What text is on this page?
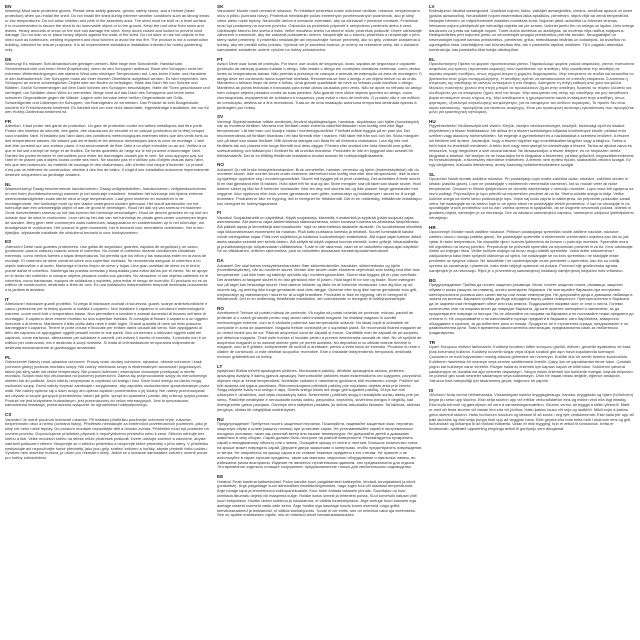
EN

Warning! Must wear protective gloves. Please wear safety glasses, gloves, safety shoes, and a helmet (head protection) when you install the shed. Do not install the shed during extreme weather conditions such as strong winds or low temperatures. Do not allow children and pets in the assembly area. The shed must be built on a level surface. It is recommended to secure the shed to an immovable object or to the ground. Keep the roof clear from snow and leaves. Heavy amounts of snow on the roof can damage the shed. Keep doors closed and locked to prevent wind damage. Do not lean on or place heavy objects against the walls of the shed. Do not store or use hot objects in the shed such as barbecues, welding equipment and blow torches to avoid the risk fire. The product is not a construction building, intended for leisure purposes. It is an impermanent standalone installation intended for hobby gardening only.

DE

Warnung! Es müssen Schutzhandschuhe getragen werden. Bitte trage eine Schutzbrille, Handschuhe, Sicherheitsschuhe und einen Helm (Kopfschutz), wenn du den Schuppen aufbaust. Baue den Schuppen nicht bei extremen Wetterbedingungen wie starkem Wind oder niedrigen Temperaturen auf. Lass keine Kinder und Haustiere in den Aufbaubereich. Der Schuppen muss auf einer ebenen Oberfläche aufgebaut werden. Es wird empfohlen, den Schuppen an einem unbeweglichen Objekt oder am Boden zu befestigen. Halte das Dach frei von Schnee und Blättern. Große Schneemengen auf dem Dach können den Schuppen beschädigen. Halte die Türen geschlossen und verriegelt, um Schäden durch Wind zu vermeiden. Neige nicht auf das Dach des Schuppens und lehne keine schweren Gegenstände gegen die Wände. Lagere oder benutze keine heißen Gegenstände wie Grills, Schweißgeräte und Lötlampen im Schuppen, um Brandgefahr zu vermeiden. Das Produkt ist kein Baugebäude, sondern für Freizeitzwecke bestimmt. Es handelt sich um eine nicht dauerhafte, eigenständige Installation, die nur für den Hobby-Gartenbau bestimmt ist.

FR

Attention, il faut porter des gants de protection. Un gant de protection contre les arêtes métalliques doit être porté. Portez des lunettes de sécurité, des gants, des chaussures de sécurité et un casque (protection de la tête) lorsque vous installez l'abri. N'installez pas l'abri dans des conditions météorologiques extrêmes telles que des vents forts ou des températures basses. Ne laissez pas les enfants et les animaux domestiques dans la zone de montage. L'abri doit être construit sur une surface plane. Il est recommandé de fixer l'abri à un objet immobile ou au sol. Veillez à ce que le toit soit exempt de neige et de feuilles. De fortes quantités de neige sur le toit peuvent endommager l'abri. Gardez les portes fermées et verrouillées pour éviter les dommages causés par le vent. Ne vous appuyez pas sur l'abri et ne placez pas d'objets lourds contre ses murs. Ne stockez pas et n'utilisez pas d'objets chauds dans l'abri, tels que des barbecues, du matériel de soudage et des chalumeaux, afin d'éviter tout risque d'incendie. Le produit n'est pas un bâtiment de construction, destiné à des fins de loisirs. Il s'agit d'une installation autonome impermanente destinée uniquement au jardinage amateur.

NL

Waarschuwing! Draag beschermende handschoenen. Draag veiligheidsbrillen, handschoenen, veiligheidsschoenen en een helm (hoofdbescherming) wanneer je het tuinhuisje installeert. Installeer het tuinhuisje niet tijdens extreme weersomstandigheden zoals sterke wind of lage temperaturen. Laat geen kinderen en huisdieren in de montageruimte. Het tuinhuisje moet op een vlakke ondergrond worden gebouwd. Het wordt aanbevolen om het tuinhuisje aan een onbeweeglijk object of aan de grond te bevestigen. Houd het dak vrij van sneeuw en bladeren. Grote hoeveelheden sneeuw op het dak kunnen het tuinhuisje beschadigen. Houd de deuren gesloten en op slot om schade door de wind te voorkomen. Leun niet op het dak van het tuinhuisje en plaats geen zware voorwerpen tegen de wanden. Berg geen hete voorwerpen zoals barbecues, lasapparatuur en soldeerbouten op in het tuinhuisje, om brandgevaar te voorkomen. Het product is geen bouwwerk, het is bedoeld voor recreatieve doeleinden. Het is een tijdelijke, vrijstaande installatie die uitsluitend bedoeld is voor hobbytuinieren.

ES

¡Atención! Debe usar guantes protectores. Use gafas de seguridad, guantes, zapatos de seguridad y un casco (protección para la cabeza) cuando monte el cobertizo. No monte el cobertizo durante condiciones climáticas extremas, como vientos fuertes o bajas temperaturas. No permita que los niños y las mascotas estén en la zona de montaje. El cobertizo se debe construir sobre una superficie nivelada. Se recomienda asegurar el cobertizo a un objeto inamovible o al suelo. Mantenga el techo limpio de nieve y hojas. Una gran cantidad de nieve en el techo puede dañar el cobertizo. Mantenga las puertas cerradas y bloqueadas para evitar daños por el viento. No se apoye en el techo del cobertizo ni coloque objetos pesados contra sus paredes. No almacene ni use objetos calientes en el cobertizo, como barbacoas, equipos de soldadura y sopletes, para evitar el riesgo de incendio. El producto no es un edificio de construcción, destinado a fines de ocio. Es una instalación independiente temporal destinada únicamente a la jardinería amateur.

IT

Attenzione! Indossare guanti protettivi. Si prega di indossare occhiali di sicurezza, guanti, scarpe antinfortunistiche e casco (protezione per la testa) quando si installa il capanno. Non installare il capanno in condizioni meteorologiche estreme, come venti forti o temperature basse. Non permettere a bambini e animali domestici di trovarsi nell'area di montaggio. Il capanno deve essere montato su una superficie livellata. Si consiglia di fissare il capanno a un oggetto immobile o al terreno. Mantenere il tetto pulito dalla neve e dalle foglie. Grandi quantità di neve sul tetto possono danneggiare il capanno. Tenere le porte chiuse e bloccate per evitare danni causati dal vento. Non appoggiarsi al tetto del capanno né appoggiare oggetti pesanti contro le sue pareti. Non conservare o utilizzare oggetti caldi nel capanno, come barbecue, attrezzature per saldatura e cannelli, per evitare il rischio di incendio. Il prodotto non è un edificio per costruzioni, ma è destinato a scopi ricreativi. Si tratta di un'installazione temporanea indipendente destinata esclusivamente al giardinaggio amatoriale.

PL

Ostrzeżenie! Należy nosić rękawice ochronne. Proszę nosić okulary ochronne, rękawice, obuwie ochronne i kask (ochrona głowy) podczas montażu szopy. Nie należy montować szopy w ekstremalnych warunkach pogodowych, takich jak silny wiatr lub niskie temperatury. Nie pozwól dzieciom i zwierzętom domowym przebywać w strefie montażu. Szopa musi być zbudowana na poziomej powierzchni. Zaleca się przymocowanie szopy do nieruchomego obiektu lub do podłoża. Dach należy utrzymywać w czystości od śniegu i liści. Duże ilości śniegu na dachu mogą uszkodzić szopę. Drzwi należy trzymać zamknięte i zaryglowane, aby zapobiec uszkodzeniom spowodowanym przez wiatr. Nie należy opierać się o dach szopy ani opierać ciężkich przedmiotów o jej ściany. Nie należy przechowywać ani używać w szopie gorących przedmiotów, takich jak grille, sprzęt do spawania i palniki, aby uniknąć ryzyka pożaru. Produkt nie jest budynkiem budowlanym, jest przeznaczony do celów rekreacyjnych. Jest to tymczasowa, samodzielna instalacja, przeznaczona wyłącznie do ogrodnictwa hobbystycznego.

CS

Varování! Je nutné používat ochranné rukavice. Při instalaci přístřešku používejte ochranné brýle, rukavice, bezpečnostní obuv a helmu (ochrana hlavy). Přístřešek neinstalujte za extrémních povětrnostních podmínek, jako je silný vítr nebo nízké teploty. Do prostoru montáže nepouštějte děti a domácí zvířata. Přístřešek musí být postaven na rovném povrchu. Doporučujeme přístřešek připevnit k nepohyblivému předmětu nebo k zemi. Střechu udržujte bez sněhu a listí. Velké množství sněhu na střeše může přístřešek poškodit. Dveře udržujte zavřené a zamčené, abyste zabránili poškození větrem. Neopírejte se o střechu přístřešku a neopírejte těžké předměty o jeho stěny. V přístřešku neskladujte ani nepoužívejte horké předměty, jako jsou grily, svářecí zařízení a hořáky, abyste předešli riziku požáru. Výrobek není stavební budova, je určen pro rekreační účely. Jedná se o dočasné samostatné zařízení určené pouze pro hobby zahradničení.

SK

Varovanie! Musíte nosiť ochranné rukavice. Pri inštalácii prístrešku noste ochranné okuliare, rukavice, bezpečnostnú obuv a prilbu (ochrana hlavy). Prístrešok neinštalujte počas extrémnych poveternostných podmienok, ako je silný vietor alebo nízke teploty. Nedovoľte deťom a domácim zvieratám, aby sa zdržiavali v priestore montáže. Prístrešok musí byť postavený na rovnom povrchu. Odporúča sa prístrešok pripevniť k nehybnému predmetu alebo k zemi. Udržiavajte strechu bez snehu a lístia. Veľké množstvo snehu na streche môže prístrešok poškodiť. Dvere udržiavajte zatvorené a zamknuté, aby ste zabránili poškodeniu vetrom. Neopierajte sa o strechu prístrešku a neopierajte o jeho steny ťažké predmety. V prístrešku neskladujte ani nepoužívajte horúce predmety, ako sú grily, zváracie zariadenia a horáky, aby ste predišli riziku požiaru. Výrobok nie je stavebná budova, je určený na rekreačné účely. Ide o dočasné samostatné zariadenie určené výlučne na hobby záhradníctvo.

PT

Aviso! Deve usar luvas de proteção. Por favor, use óculos de segurança, luvas, sapatos de segurança e capacete (proteção da cabeça) quando instalar o abrigo. Não instale o abrigo em condições climáticas extremas, como ventos fortes ou temperaturas baixas. Não permita a presença de crianças e animais de estimação na área de montagem. O abrigo deve ser construído numa superfície nivelada. Recomenda-se fixar o abrigo a um objeto imóvel ou ao chão. Mantenha o telhado limpo de neve e folhas. Uma grande quantidade de neve no telhado pode danificar o abrigo. Mantenha as portas fechadas e trancadas para evitar danos causados pelo vento. Não se apoie no telhado do abrigo nem coloque objetos pesados contra as suas paredes. Não guarde nem utilize objetos quentes no abrigo, como churrasqueiras, equipamento de soldadura e maçaricos, para evitar o risco de incêndio. O produto não é um edifício de construção, destina-se a fins recreativos. Trata-se de uma instalação autónoma temporária destinada apenas à jardinagem por hobby.

SV

Varning! Skyddshandskar måste användas. Använd skyddsglasögon, handskar, skyddsskor och hjälm (huvudskydd) när du monterar förrådet. Montera inte förrådet under extrema väderförhållanden som kraftig vind eller låga temperaturer. Låt inte barn och husdjur vistas i monteringsområdet. Förrådet måste byggas på en plan yta. Det rekommenderas att förrådet förankras i ett fast föremål eller i marken. Håll taket fritt från snö och löv. Stora mängder snö på taket kan skada förrådet. Håll dörrarna stängda och låsta för att förhindra vindskador. Luta dig inte mot förrådets tak och placera inte tunga föremål mot dess väggar. Förvara eller använd inte heta föremål som grillar, svetsutrustning och blåslampor i förrådet för att undvika brandrisk. Produkten är inte en byggnad utan avsedd för fritidsändamål. Det är en tillfällig fristående installation endast avsedd för hobbyträdgårdsarbete.

NO

Advarsel! Du må bruke beskyttelseshansker. Bruk vernebriller, hansker, vernesko og hjelm (hodebeskyttelse) når du monterer skuret. Ikke monter skuret under ekstreme værforhold som kraftig vind eller lave temperaturer. Ikke la barn og kjæledyr oppholde seg i monteringsområdet. Skuret må bygges på et jevnt underlag. Det anbefales å feste skuret til en fast gjenstand eller til bakken. Hold taket fritt for snø og løv. Store mengder snø på taket kan skade skuret. Hold dørene lukket og låst for å forhindre vindskader. Ikke len deg mot skurets tak og ikke plasser tunge gjenstander mot veggene. Ikke oppbevar eller bruk varme gjenstander som griller, sveiseutstyr og loddelamper i skuret for å unngå brannfare. Produktet er ikke en bygning, det er beregnet for fritidsformål. Det er en midlertidig, frittstående installasjon kun beregnet for hobbyhagearbeid.

FI

Varoitus! Suojakäsineitä on käytettävä. Käytä suojalaseja, käsineitä, turvakenkiä ja kypärää (pään suojaus) vajaa asentaessasi. Älä asenna vajaa äärimmäisissä sääolosuhteissa, kuten kovassa tuulessa tai alhaisissa lämpötiloissa. Älä päästä lapsia ja lemmikkejä asennusalueelle. Vaja on rakennettava tasaiselle alustalle. On suositeltavaa kiinnittää vaja liikkumattomaan esineeseen tai maahan. Pidä katto puhtaana lumesta ja lehdistä. Suuret lumimäärät katolla voivat vahingoittaa vajaa. Pidä ovet suljettuina ja lukittuina tuulivahinkojen estämiseksi. Älä nojaa vajan kattoon äläkä aseta raskaita esineitä sen seiniä vasten. Älä säilytä tai käytä vajassa kuumia esineitä, kuten grillejä, hitsauslaitteita ja puhalluslamppuja, tulipalovaaran välttämiseksi. Tuote ei ole rakennus, vaan se on tarkoitettu vapaa-ajan käyttöön. Se on väliaikainen, erillinen rakennelma, joka on tarkoitettu ainoastaan harrastuspuutarhanhoitoon.

DA

Advarsel! Der skal bæres beskyttelseshandsker. Bær sikkerhedsbriller, handsker, sikkerhedssko og hjelm (hovedbeskyttelse), når du monterer skuret. Monter ikke skuret under ekstreme vejrforhold som kraftig vind eller lave temperaturer. Lad ikke børn og kæledyr opholde sig i monteringsområdet. Skuret skal bygges på en plan overflade. Det anbefales at fastgøre skuret til en fast genstand eller til jorden. Hold taget fri for sne og blade. Store mængder sne på taget kan beskadige skuret. Hold dørene lukkede og låste for at forhindre vindskader. Læn dig ikke op ad skurets tag, og anbring ikke tunge genstande mod dets vægge. Opbevar eller brug ikke varme genstande som grill, svejseudstyr og blæselamper i skuret for at undgå brandfare. Produktet er ikke en bygning, det er beregnet til fritidsformål. Det er en midlertidig, fritstående installation, der udelukkende er beregnet til hobbyhavearbejde.

RO

Avertisment! Trebuie să purtați mănuși de protecție. Vă rugăm să purtați ochelari de protecție, mănuși, pantofi de protecție și o cască (protecție pentru cap) atunci când instalați magazia. Nu instalați magazia în condiții meteorologice extreme, cum ar fi vânturile puternice sau temperaturile scăzute. Nu lăsați copiii și animalele de companie în zona de asamblare. Magazia trebuie construită pe o suprafață plană. Se recomandă fixarea magaziei de un obiect imobil sau de sol. Păstrați acoperișul curat de zăpadă și frunze. Cantitățile mari de zăpadă de pe acoperiș pot deteriora magazia. Țineți ușile închise și încuiate pentru a preveni deteriorarea cauzată de vânt. Nu vă sprijiniți de acoperișul magaziei și nu așezați obiecte grele pe pereții acesteia. Nu depozitați și nu utilizați obiecte fierbinți în magazie, cum ar fi grătare, echipamente de sudură și arzătoare, pentru a evita riscul de incendiu. Produsul nu este o clădire de construcții, ci este destinat scopurilor recreative. Este o instalație independentă, temporară, destinată exclusiv grădinăritului ca hobby.

LT

Įspėjimas! Būtina mūvėti apsaugines pirštines. Montuodami pašiūrę, dėvėkite apsauginius akinius, pirštines, apsauginę avalynę ir šalmą (galvos apsauga). Nemontuokite pašiūrės esant ekstremalioms oro sąlygoms, pavyzdžiui, stipriam vėjui ar žemai temperatūrai. Neleiskite vaikams ir naminiams gyvūnams būti montavimo zonoje. Pašiūrė turi būti statoma ant lygaus paviršiaus. Rekomenduojama pritvirtinti pašiūrę prie nejudamo objekto arba prie žemės. Stogą laikykite švarų nuo sniego ir lapų. Didelis sniego kiekis ant stogo gali sugadinti pašiūrę. Durys turi būti uždarytos ir užrakintos, kad vėjas nepadarytų žalos. Nesiremkite į pašiūrės stogą ir nestatykite sunkių daiktų prie jos sienų. Pašiūrėje nelaikykite ir nenaudokite karštų daiktų, pavyzdžiui, kepsninių, suvirinimo įrangos ir degiklių, kad išvengtumėte gaisro pavojaus. Gaminys nėra statybinis pastatas, jis skirtas laisvalaikio tikslams. Tai laikinas, atskiras įrenginys, skirtas tik mėgėjiškai sodininkystei.

RU

Предупреждение! Требуется носить защитные перчатки. Пожалуйста, надевайте защитные очки, перчатки, защитную обувь и шлем (защиту головы) при установке сарая. Не устанавливайте сарай в экстремальных погодных условиях, таких как сильный ветер или низкие температуры. Не допускайте детей и домашних животных в зону сборки. Сарай должен быть построен на ровной поверхности. Рекомендуется прикрепить сарай к неподвижному объекту или к земле. Очищайте крышу от снега и листьев. Большое количество снега на крыше может повредить сарай. Держите двери закрытыми и запертыми, чтобы предотвратить повреждения от ветра. Не опирайтесь на крышу сарая и не ставьте тяжелые предметы к его стенам. Не храните и не используйте в сарае горячие предметы, такие как мангалы, сварочное оборудование и паяльные лампы, во избежание риска возгорания. Изделие не является строительным зданием, оно предназначено для отдыха. Это временное отдельно стоящее сооружение, предназначенное только для любительского садоводства.

EE

Hoiatus! Peab kandma kaitsekindaid. Palun kandke kuuri paigaldamisel kaitseprille, kindaid, turvajalatseid ja kiivrit (peakaitse). Ärge paigaldage kuuri äärmuslikes ilmastikutingimustes, nagu tugev tuul või madalad temperatuurid. Ärge lubage lapsi ja lemmikloomi kokkupanekualale. Kuur tuleb ehitada tasasele pinnale. Soovitatav on kuur kinnitada liikumatu objekti või maapinna külge. Hoidke katus lumest ja lehtedest puhas. Suur lumehulk katusel võib kuuri kahjustada. Hoidke uksed suletuna ja lukustatuna, et vältida tuulekahjustusi. Ärge toetuge kuuri katusele ega asetage raskeid esemeid vastu selle seinu. Ärge hoidke ega kasutage kuuris kuumi esemeid, nagu grillid, keevitusseadmed ja leeklambid, et vältida tulekahjuohtu. Toode ei ole ehitis, see on mõeldud vaba aja veetmiseks. See on ajutine eraldiseisev rajatis, mis on mõeldud ainult harrastusaianduseks.

LV

Brīdinājums! Jāvalkā aizsargcimdi. Uzstādot nojumi, lūdzu, valkājiet aizsargbrilles, cimdus, drošības apavus un ķiveri (galvas aizsardzība). Neuzstādiet nojumi ekstremālos laika apstākļos, piemēram, stiprā vējā vai zemā temperatūrā. Neļaujiet bērniem un mājdzīvniekiem atrasties montāžas zonā. Nojumei jābūt uzbūvētai uz līdzenas virsmas. Ieteicams nojumi piestiprināt pie nekustīga objekta vai pie zemes. Uzturiet jumtu tīru no sniega un lapām. Liels sniega daudzums uz jumta var sabojāt nojumi. Turiet durvis aizvērtas un aizslēgtas, lai novērstu vēja radītus bojājumus. Neatspiedieties pret nojumes jumtu un nenovietojiet smagus priekšmetus pret tās sienām. Neuzglabājiet un neizmantojiet nojumē karstus priekšmetus, piemēram, grilus, metināšanas iekārtas un lodlampas, lai izvairītos no ugunsgrēka riska. Izstrādājums nav būvniecības ēka, tas ir paredzēts atpūtas nolūkiem. Tā ir pagaidu atsevišķa konstrukcija, kas paredzēta tikai hobija dārzkopībai.

EL

Προειδοποίηση! Πρέπει να φοράτε προστατευτικά γάντια. Παρακαλούμε φοράτε γυαλιά ασφαλείας, γάντια, παπούτσια ασφαλείας και κράνος (προστασία κεφαλής) όταν εγκαθιστάτε την αποθήκη. Μην εγκαθιστάτε την αποθήκη σε ακραίες καιρικές συνθήκες, όπως ισχυροί άνεμοι ή χαμηλές θερμοκρασίες. Μην επιτρέπετε σε παιδιά και κατοικίδια να βρίσκονται στον χώρο συναρμολόγησης. Η αποθήκη πρέπει να κατασκευαστεί σε επίπεδη επιφάνεια. Συνιστάται η στερέωση της αποθήκης σε ακίνητο αντικείμενο ή στο έδαφος. Διατηρείτε τη στέγη καθαρή από χιόνι και φύλλα. Μεγάλες ποσότητες χιονιού στη στέγη μπορεί να προκαλέσουν ζημιά στην αποθήκη. Κρατάτε τις πόρτες κλειστές και κλειδωμένες για να αποφύγετε ζημιές από τον άνεμο. Μην ακουμπάτε στη στέγη της αποθήκης και μην τοποθετείτε βαριά αντικείμενα στους τοίχους της. Μην αποθηκεύετε ή χρησιμοποιείτε καυτά αντικείμενα στην αποθήκη, όπως ψησταριές, εξοπλισμό συγκόλλησης και φλόγιστρα, για να αποφύγετε τον κίνδυνο πυρκαγιάς. Το προϊόν δεν είναι κτίριο κατασκευής, προορίζεται για σκοπούς αναψυχής. Είναι μια προσωρινή αυτόνομη εγκατάσταση που προορίζεται μόνο για ερασιτεχνική κηπουρική.

HU

Figyelmeztetés! Védőkesztyűt kell viselni. Kérjük, viseljen védőszemüveget, kesztyűt, biztonsági cipőt és sisakot (fejvédelem) a fészer felállításakor. Ne állítsa fel a fészert szélsőséges időjárási körülmények között, például erős szélben vagy alacsony hőmérsékleten. Ne engedje a gyermekeket és a háziállatokat a szerelési területre. A fészert sík felületre kell építeni. Javasoljuk, hogy a fészert rögzítse egy mozdíthatatlan tárgyhoz vagy a talajhoz. Tartsa a tetőt hótól és levelektől mentesen. A tetőn lévő nagy mennyiségű hó károsíthatja a fészert. Tartsa az ajtókat zárva és reteszelve, hogy megelőzze a szél okozta károkat. Ne támaszkodjon a fészer tetejére, és ne helyezzen nehéz tárgyakat a falaihoz. Ne tároljon és ne használjon forró tárgyakat a fészerben, például grillsütőt, hegesztőberendezést és forrasztólámpát, a tűzveszély elkerülése érdekében. A termék nem építési épület, szabadidős célokra szolgál. Ez egy ideiglenes, különálló létesítmény, amely kizárólag hobbikertészkedésre szolgál.

SL

Opozorilo! Nositi morate zaščitne rokavice. Pri postavljanju lope nosite zaščitna očala, rokavice, zaščitno obutev in čelado (zaščita glave). Lope ne postavljajte v ekstremnih vremenskih razmerah, kot so močan veter ali nizke temperature. Otrokom in hišnim ljubljenčkom ne dovolite zadrževanja v območju montaže. Lopa mora biti zgrajena na ravni podlagi. Priporočljivo je lopo pritrditi na nepremičen predmet ali na tla. Streho očistite snega in listja. Velike količine snega na strehi lahko poškodujejo lopo. Vrata naj bodo zaprta in zaklenjena, da preprečite poškodbe zaradi vetra. Ne naslanjajte se na streho lope in ob njene stene ne postavljajte težkih predmetov. V lopi ne shranjujte in ne uporabljajte vročih predmetov, kot so žari, varilna oprema in spajkalniki, da se izognete nevarnosti požara. Izdelek ni gradbeni objekt, namenjen je za rekreacijo. Gre za začasno samostoječo napravo, namenjeno izključno ljubiteljskemu vrtnarjenju.

HR

Upozorenje! Morate nositi zaštitne rukavice. Prilikom postavljanja spremišta nosite zaštitne naočale, rukavice, zaštitnu obuću i kacigu (zaštita glave). Ne postavljajte spremište u ekstremnim vremenskim uvjetima kao što su jak vjetar ili niske temperature. Ne dopustite djeci i kućnim ljubimcima da borave u području montaže. Spremište mora biti izgrađeno na ravnoj površini. Preporučuje se pričvrstiti spremište za nepomičan predmet ili za tlo. Krov održavajte čistim od snijega i lišća. Velike količine snijega na krovu mogu oštetiti spremište. Vrata držite zatvorenima i zaključanima kako biste spriječili oštećenja od vjetra. Ne naslanjajte se na krov spremišta i ne stavljajte teške predmete uz njegove zidove. Ne skladištite i ne upotrebljavajte vruće predmete u spremištu, kao što su roštilji, oprema za zavarivanje i plamenici, kako biste izbjegli opasnost od požara. Proizvod nije građevinska zgrada, namijenjen je za rekreaciju. Riječ je o privremenoj samostojećoj instalaciji namijenjenoj isključivo hobi vrtlarstvu.

BG

Предупреждение! Трябва да носите защитни ръкавици. Моля, носете защитни очила, ръкавици, защитни обувки и каска (защита на главата), когато монтирате бараката. Не монтирайте бараката при екстремни метеорологични условия като силен вятър или ниски температури. Не допускайте деца и домашни любимци в зоната на монтаж. Бараката трябва да бъде изградена върху равна повърхност. Препоръчително е бараката да се закрепи към неподвижен обект или към земята. Поддържайте покрива чист от сняг и листа. Големи количества сняг на покрива могат да повредят бараката. Дръжте вратите затворени и заключени, за да предотвратите повреди от вятъра. Не се облягайте на покрива на бараката и не поставяйте тежки предмети до стените ѝ. Не съхранявайте и не използвайте горещи предмети в бараката, като барбекюта, заваръчно оборудване и горелки, за да избегнете риск от пожар. Продуктът не е строителна сграда, предназначен е за развлекателни цели. Това е временна самостоятелна инсталация, предназначена само за любителско градинарство.

TR

Uyarı! Koruyucu eldiven takılmalıdır. Kulübeyi kurarken lütfen koruyucu gözlük, eldiven, güvenlik ayakkabısı ve kask (baş koruması) kullanın. Kulübeyi kuvvetli rüzgar veya düşük sıcaklık gibi aşırı hava koşullarında kurmayın. Çocukların ve evcil hayvanların montaj alanına girmesine izin vermeyin. Kulübe düz bir zemin üzerine kurulmalıdır. Kulübenin hareketsiz bir nesneye veya zemine sabitlenmesi önerilir. Çatıyı kar ve yapraklardan temiz tutun. Çatıdaki yoğun kar kulübeye zarar verebilir. Rüzgar hasarını önlemek için kapıları kapalı ve kilitli tutun. Kulübenin çatısına yaslanmayın ve duvarlarına ağır nesneler dayamayın. Yangın riskini önlemek için kulübede mangal, kaynak ekipmanı ve pürmüz gibi sıcak nesneler saklamayın veya kullanmayın. Ürün bir inşaat binası değildir, eğlence amaçlıdır. Yalnızca hobi bahçeciliği için tasarlanmış geçici, bağımsız bir yapıdır.

IS

Viðvörun! Nota verður hlífðarhanska. Vinsamlegast notaðu öryggisgleraugu, hanska, öryggisskó og hjálm (höfuðvörn) þegar þú setur upp skúrinn. Ekki setja skúrinn upp við erfiðar veðuraðstæður eins og mikinn vind eða lágt hitastig. Ekki leyfa börnum og gæludýrum að vera á samsetningarsvæðinu. Skúrinn verður að byggja á sléttu yfirborði. Mælt er með að festa skúrinn við fastan hlut eða við jörðina. Haltu þakinu lausu við snjó og laufblöð. Mikill snjór á þakinu getur skemmt skúrinn. Haltu hurðunum lokuðum og læstum til að koma í veg fyrir vindskemmdir. Ekki halla þér upp að þaki skúrsins og ekki setja þunga hluti upp að veggjum hans. Ekki geyma eða nota heita hluti í skúrnum eins og grill, suðubúnað og lóðlampa til að forðast eldhættu. Varan er ekki bygging, hún er ætluð til tómstunda. Þetta er tímabundin, sjálfstæð uppsetning eingöngu ætluð til garðyrkju sem áhugamál.
